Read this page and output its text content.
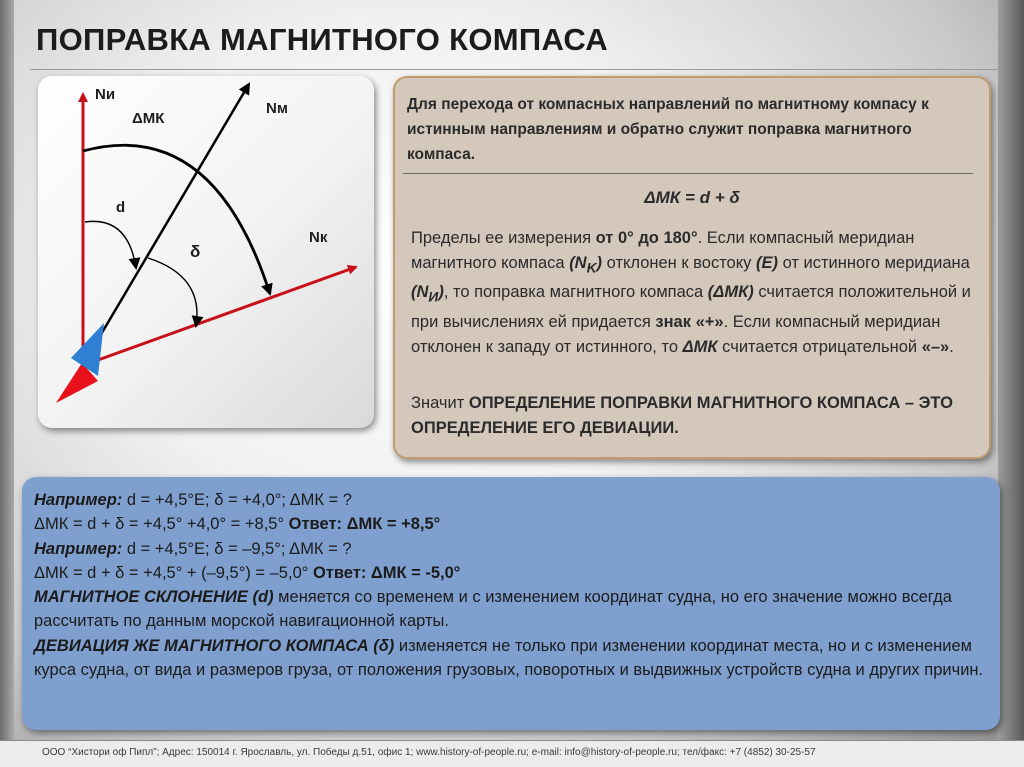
ПОПРАВКА МАГНИТНОГО КОМПАСА
Nи
ΔМК
Nм
d
δ
Nк
Для перехода от компасных направлений по магнитному компасу к истинным направлениям и обратно служит поправка магнитного компаса.
ΔМК = d + δ
Пределы ее измерения от 0° до 180°. Если компасный меридиан магнитного компаса $(N_K)$ отклонен к востоку (E) от истинного меридиана $(N_И)$, то поправка магнитного компаса (ΔМК) считается положительной и при вычислениях ей придается знак «+». Если компасный меридиан отклонен к западу от истинного, то ΔМК считается отрицательной «–».
Значит ОПРЕДЕЛЕНИЕ ПОПРАВКИ МАГНИТНОГО КОМПАСА – ЭТО ОПРЕДЕЛЕНИЕ ЕГО ДЕВИАЦИИ.
Например: d = +4,5°E; δ = +4,0°; ΔМК = ?
ΔМК = d + δ = +4,5° +4,0° = +8,5° Ответ: ΔМК = +8,5°
Например: d = +4,5°E; δ = –9,5°; ΔМК = ?
ΔМК = d + δ = +4,5° + (–9,5°) = –5,0° Ответ: ΔМК = -5,0°
МАГНИТНОЕ СКЛОНЕНИЕ (d) меняется со временем и с изменением координат судна, но его значение можно всегда рассчитать по данным морской навигационной карты.
ДЕВИАЦИЯ ЖЕ МАГНИТНОГО КОМПАСА (δ) изменяется не только при изменении координат места, но и с изменением курса судна, от вида и размеров груза, от положения грузовых, поворотных и выдвижных устройств судна и других причин.
ООО “Хистори оф Пипл”; Адрес: 150014 г. Ярославль, ул. Победы д.51, офис 1; www.history-of-people.ru; e-mail: info@history-of-people.ru; тел/факс: +7 (4852) 30-25-57
